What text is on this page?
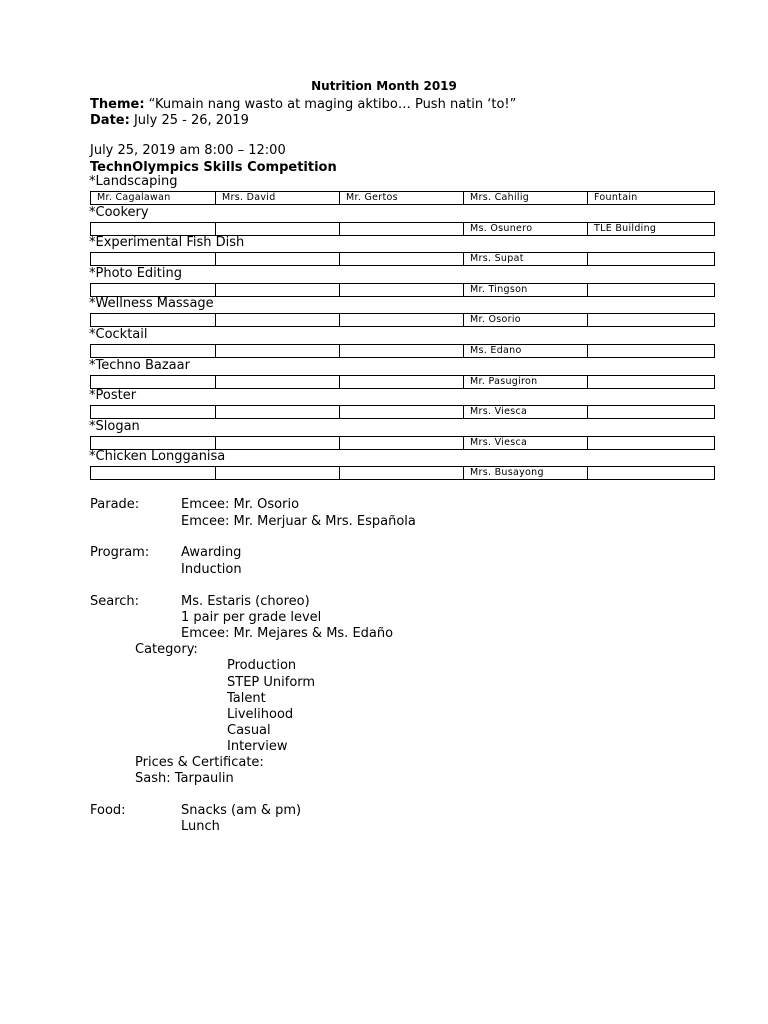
Nutrition Month 2019
Theme: “Kumain nang wasto at maging aktibo… Push natin ‘to!”
Date: July 25 - 26, 2019
July 25, 2019 am 8:00 – 12:00
TechnOlympics Skills Competition
*Landscaping
Mr. Cagalawan	Mrs. David	Mr. Gertos	Mrs. Cahilig	Fountain
*Cookery
			Ms. Osunero	TLE Building
*Experimental Fish Dish
			Mrs. Supat	
*Photo Editing
			Mr. Tingson	
*Wellness Massage
			Mr. Osorio	
*Cocktail
			Ms. Edano	
*Techno Bazaar
			Mr. Pasugiron	
*Poster
			Mrs. Viesca	
*Slogan
			Mrs. Viesca	
*Chicken Longganisa
			Mrs. Busayong	
Parade:	Emcee: Mr. Osorio
Emcee: Mr. Merjuar & Mrs. Española
Program: Awarding
Induction
Search:	Ms. Estaris (choreo)
1 pair per grade level
Emcee: Mr. Mejares & Ms. Edaño
Category:
Production
STEP Uniform
Talent
Livelihood
Casual
Interview
Prices & Certificate:
Sash: Tarpaulin
Food:	Snacks (am & pm)
Lunch
